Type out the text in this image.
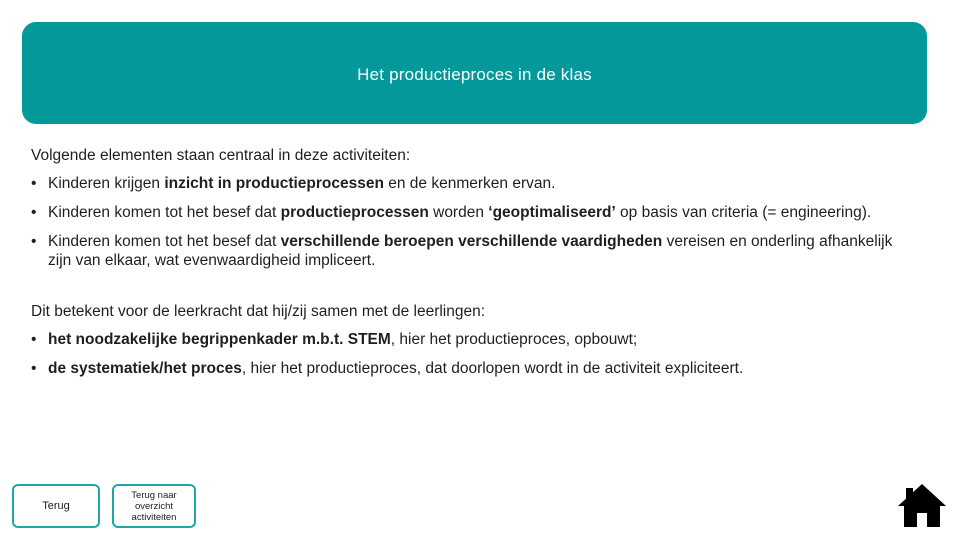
Het productieproces in de klas

Volgende elementen staan centraal in deze activiteiten:

• Kinderen krijgen inzicht in productieprocessen en de kenmerken ervan.

• Kinderen komen tot het besef dat productieprocessen worden ‘geoptimaliseerd’ op basis van criteria (= engineering).

• Kinderen komen tot het besef dat verschillende beroepen verschillende vaardigheden vereisen en onderling afhankelijk zijn van elkaar, wat evenwaardigheid impliceert.

Dit betekent voor de leerkracht dat hij/zij samen met de leerlingen:

• het noodzakelijke begrippenkader m.b.t. STEM, hier het productieproces, opbouwt;

• de systematiek/het proces, hier het productieproces, dat doorlopen wordt in de activiteit expliciteert.

Terug
Terug naar overzicht activiteiten
